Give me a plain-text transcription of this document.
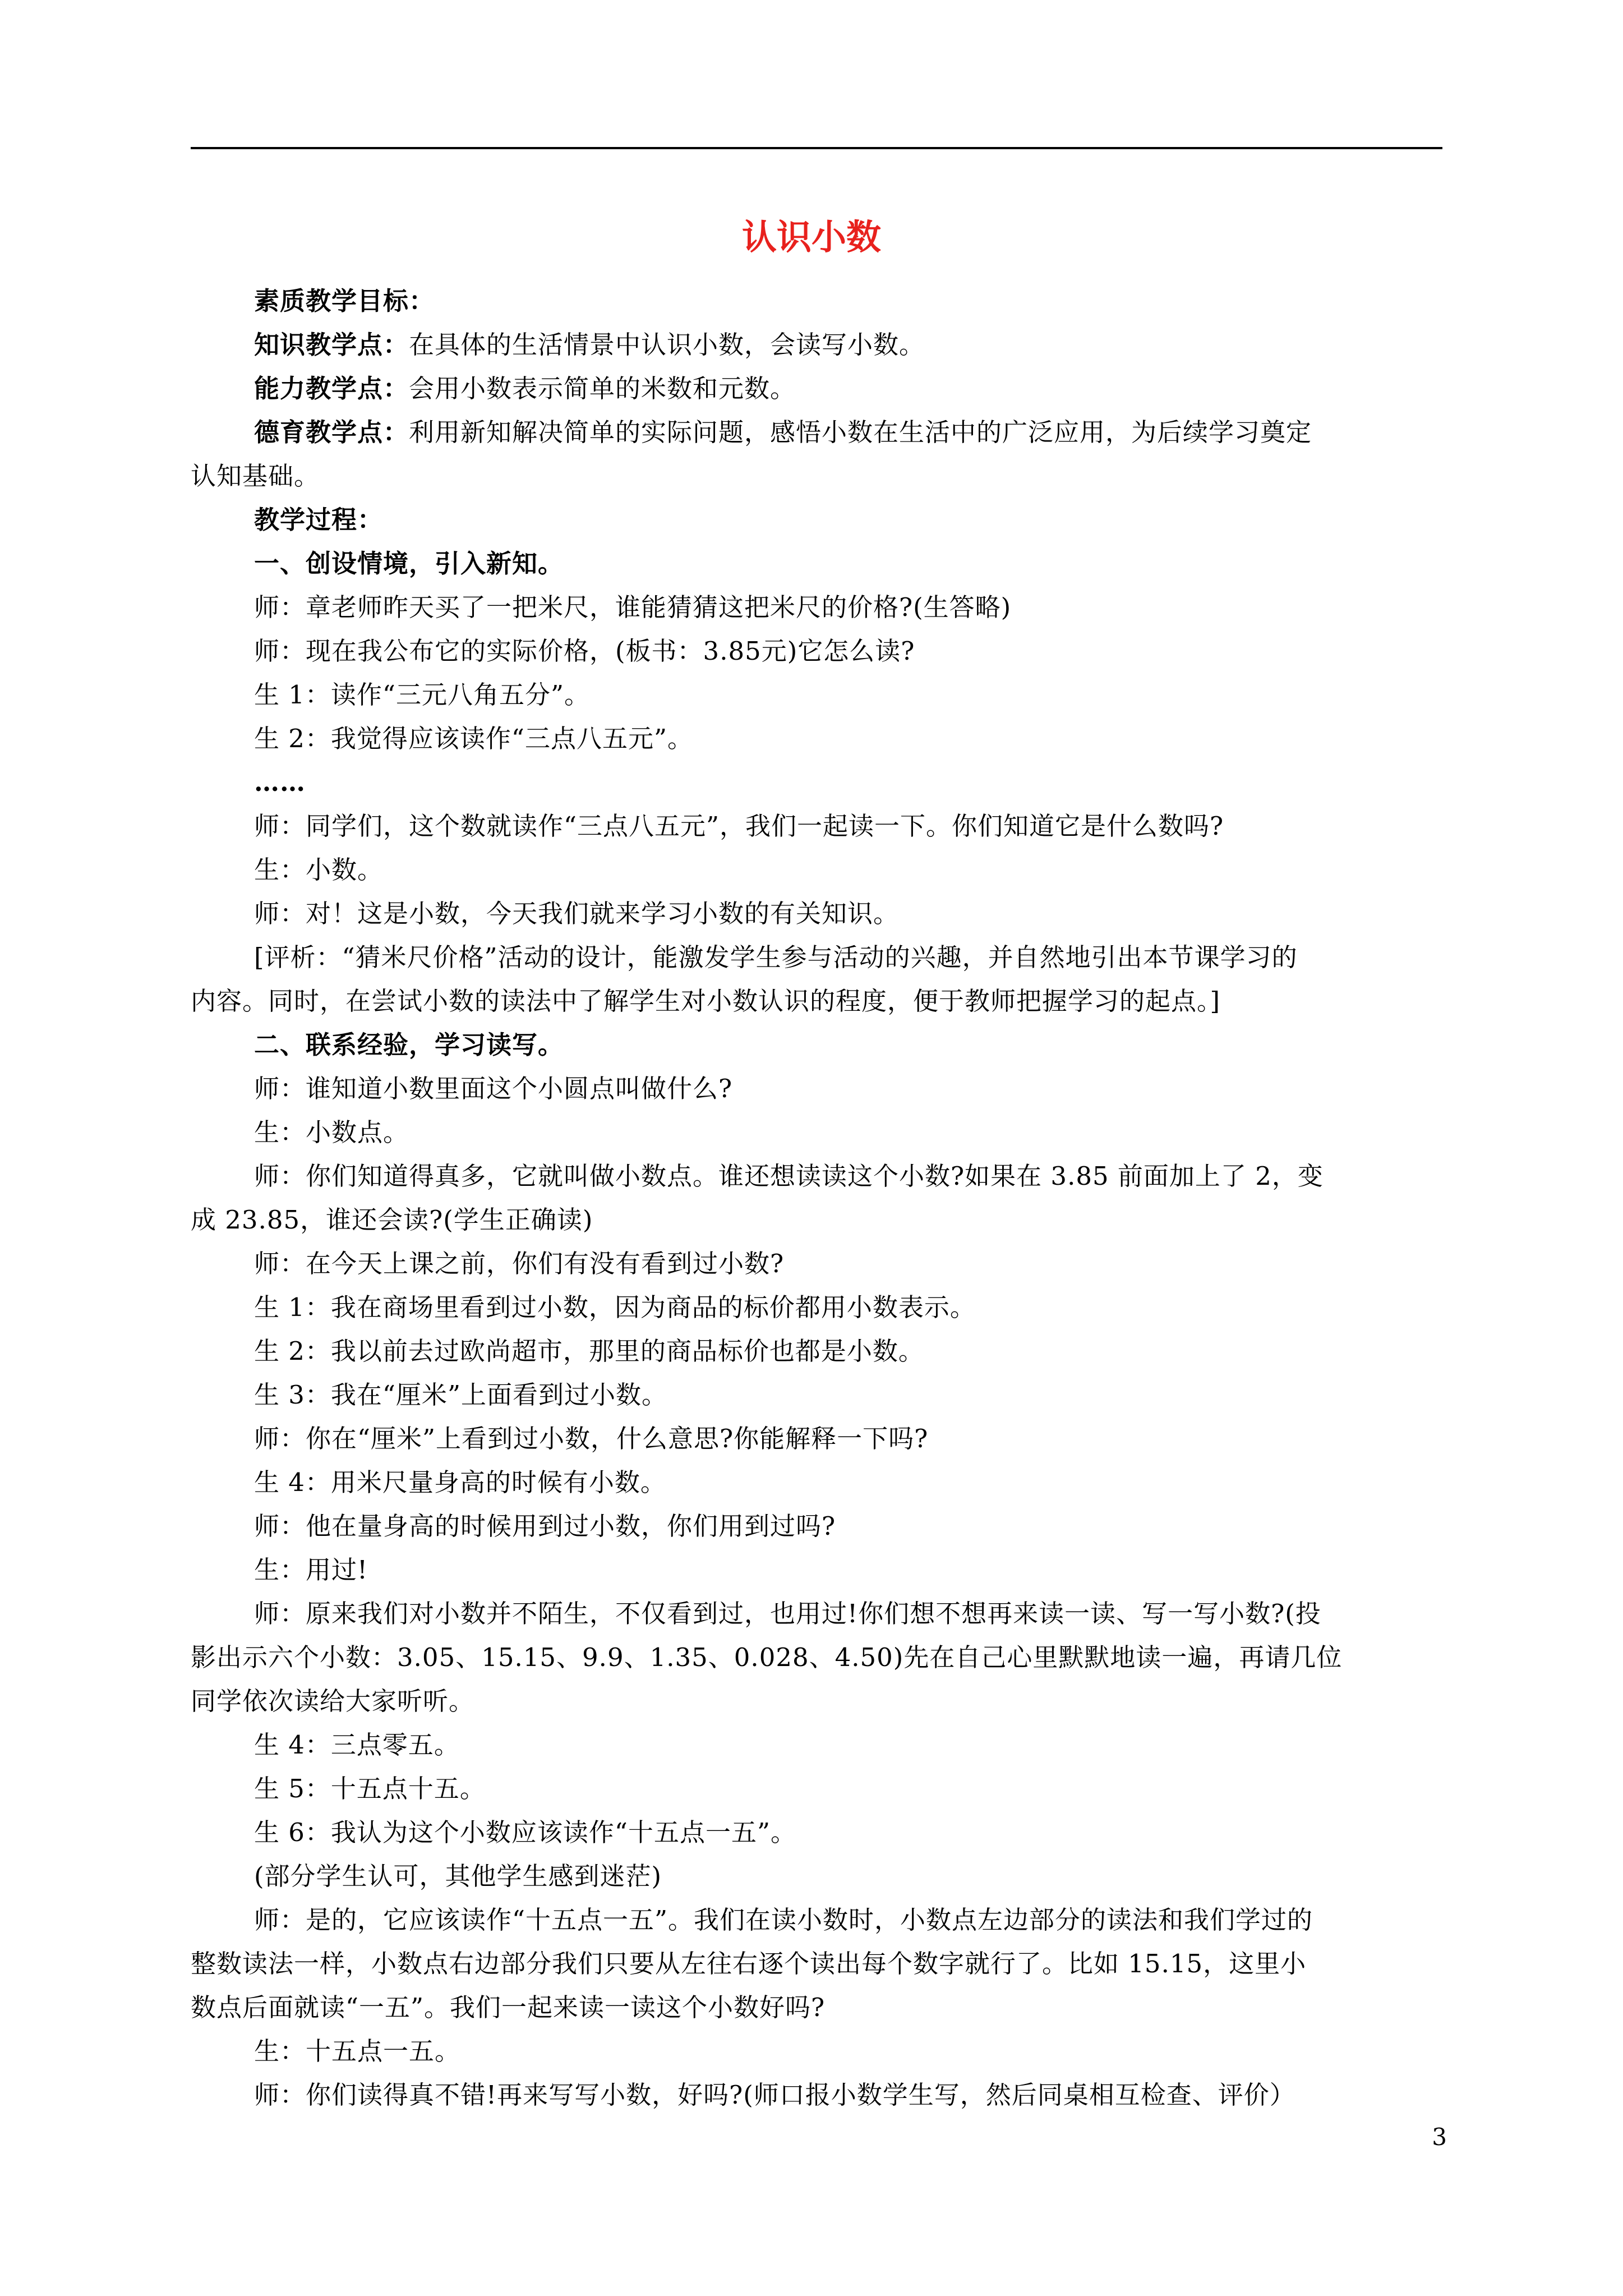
认识小数
素质教学目标：
知识教学点：在具体的生活情景中认识小数，会读写小数。
能力教学点：会用小数表示简单的米数和元数。
德育教学点：利用新知解决简单的实际问题，感悟小数在生活中的广泛应用，为后续学习奠定
认知基础。
教学过程：
一、创设情境，引入新知。
师：章老师昨天买了一把米尺，谁能猜猜这把米尺的价格?(生答略)
师：现在我公布它的实际价格，(板书：3.85元)它怎么读?
生 1：读作“三元八角五分”。
生 2：我觉得应该读作“三点八五元”。
……
师：同学们，这个数就读作“三点八五元”，我们一起读一下。你们知道它是什么数吗?
生：小数。
师：对！这是小数，今天我们就来学习小数的有关知识。
[评析：“猜米尺价格”活动的设计，能激发学生参与活动的兴趣，并自然地引出本节课学习的
内容。同时，在尝试小数的读法中了解学生对小数认识的程度，便于教师把握学习的起点。]
二、联系经验，学习读写。
师：谁知道小数里面这个小圆点叫做什么?
生：小数点。
师：你们知道得真多，它就叫做小数点。谁还想读读这个小数?如果在 3.85 前面加上了 2，变
成 23.85，谁还会读?(学生正确读)
师：在今天上课之前，你们有没有看到过小数?
生 1：我在商场里看到过小数，因为商品的标价都用小数表示。
生 2：我以前去过欧尚超市，那里的商品标价也都是小数。
生 3：我在“厘米”上面看到过小数。
师：你在“厘米”上看到过小数，什么意思?你能解释一下吗?
生 4：用米尺量身高的时候有小数。
师：他在量身高的时候用到过小数，你们用到过吗?
生：用过!
师：原来我们对小数并不陌生，不仅看到过，也用过!你们想不想再来读一读、写一写小数?(投
影出示六个小数：3.05、15.15、9.9、1.35、0.028、4.50)先在自己心里默默地读一遍，再请几位
同学依次读给大家听听。
生 4：三点零五。
生 5：十五点十五。
生 6：我认为这个小数应该读作“十五点一五”。
(部分学生认可，其他学生感到迷茫)
师：是的，它应该读作“十五点一五”。我们在读小数时，小数点左边部分的读法和我们学过的
整数读法一样，小数点右边部分我们只要从左往右逐个读出每个数字就行了。比如 15.15，这里小
数点后面就读“一五”。我们一起来读一读这个小数好吗?
生：十五点一五。
师：你们读得真不错!再来写写小数，好吗?(师口报小数学生写，然后同桌相互检查、评价）
3
